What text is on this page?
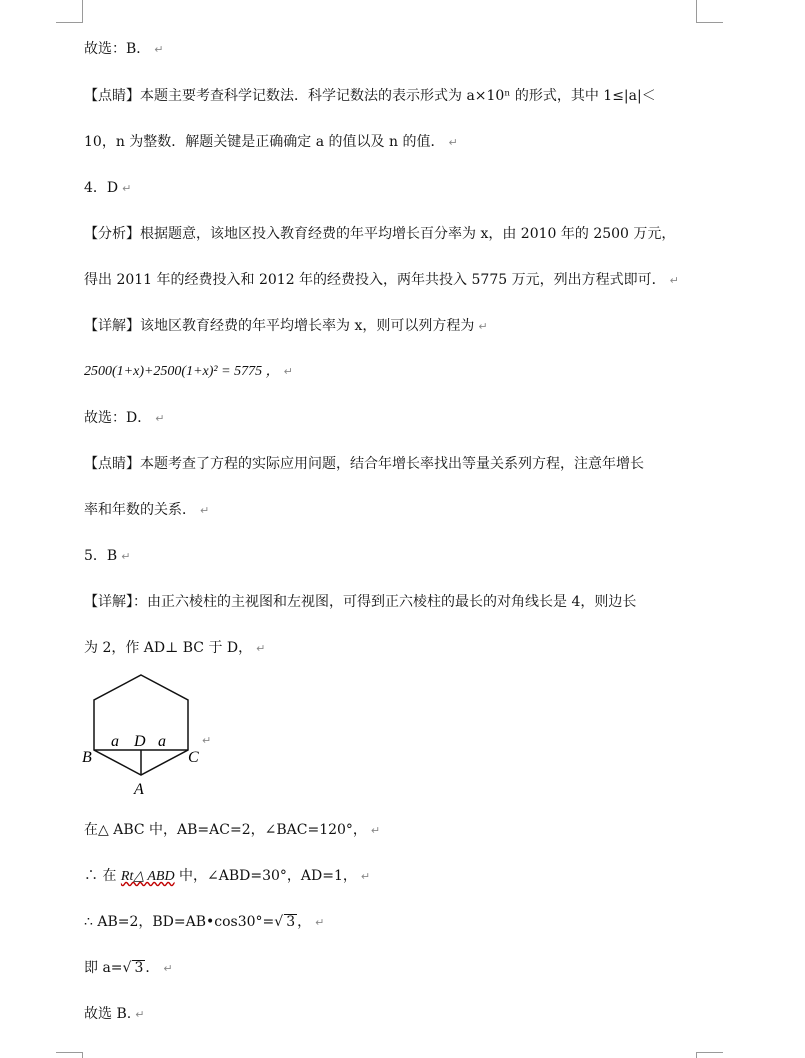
故选：B． ↵
【点睛】本题主要考查科学记数法．科学记数法的表示形式为 a×10ⁿ 的形式，其中 1≤|a|＜
10，n 为整数．解题关键是正确确定 a 的值以及 n 的值． ↵
4．D ↵
【分析】根据题意，该地区投入教育经费的年平均增长百分率为 x，由 2010 年的 2500 万元，
得出 2011 年的经费投入和 2012 年的经费投入，两年共投入 5775 万元，列出方程式即可． ↵
【详解】该地区教育经费的年平均增长率为 x，则可以列方程为 ↵
2500(1+x)+2500(1+x)² = 5775 ， ↵
故选：D． ↵
【点睛】本题考查了方程的实际应用问题，结合年增长率找出等量关系列方程，注意年增长
率和年数的关系． ↵
5．B ↵
【详解】：由正六棱柱的主视图和左视图，可得到正六棱柱的最长的对角线长是 4，则边长
为 2，作 AD⊥ BC 于 D， ↵
a D a
B	C
A
↵
在△ ABC 中，AB=AC=2，∠BAC=120°， ↵
∴ 在 Rt△ ABD 中，∠ABD=30°，AD=1， ↵
∴ AB=2，BD=AB•cos30°=√ 3 ， ↵
即 a=√ 3 ． ↵
故选 B. ↵
